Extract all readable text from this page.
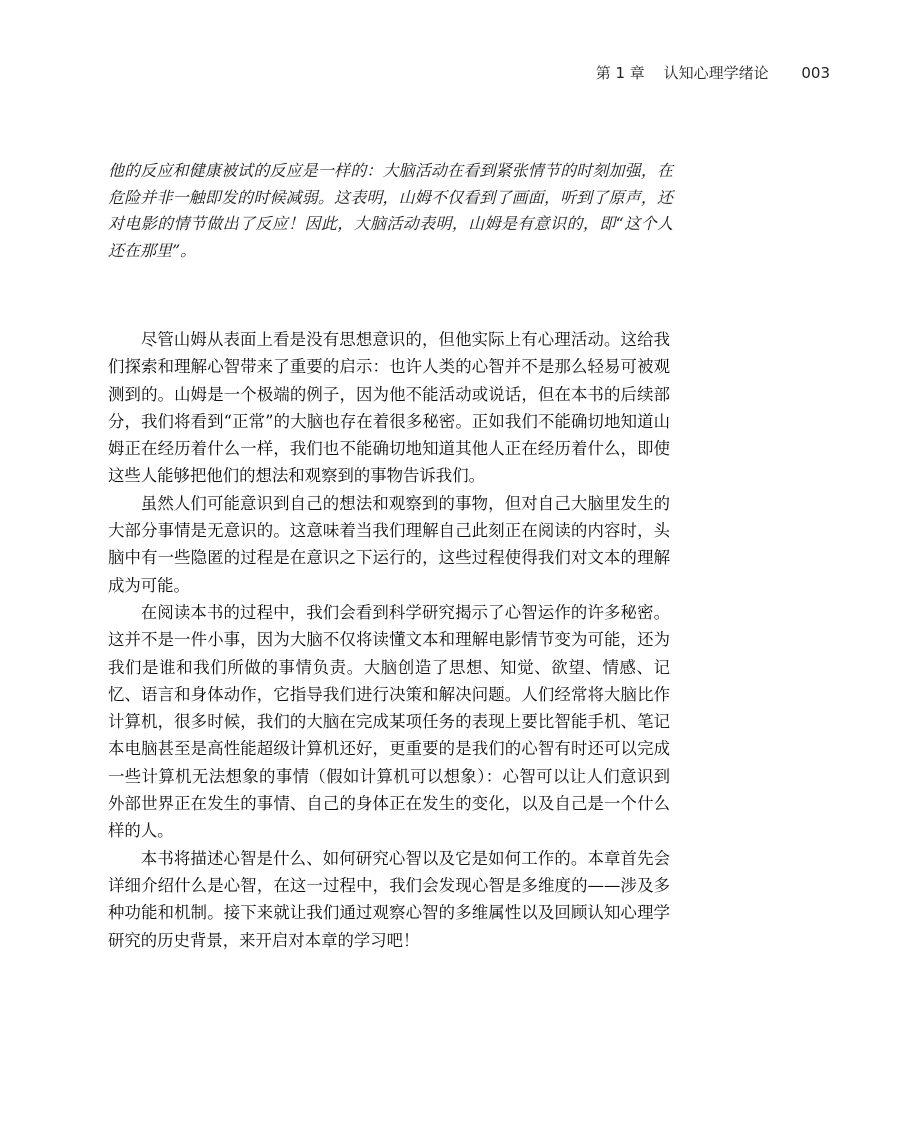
第 1 章 认知心理学绪论 003

他的反应和健康被试的反应是一样的：大脑活动在看到紧张情节的时刻加强，在危险并非一触即发的时候减弱。这表明，山姆不仅看到了画面，听到了原声，还对电影的情节做出了反应！因此，大脑活动表明，山姆是有意识的，即“这个人还在那里”。

尽管山姆从表面上看是没有思想意识的，但他实际上有心理活动。这给我们探索和理解心智带来了重要的启示：也许人类的心智并不是那么轻易可被观测到的。山姆是一个极端的例子，因为他不能活动或说话，但在本书的后续部分，我们将看到“正常”的大脑也存在着很多秘密。正如我们不能确切地知道山姆正在经历着什么一样，我们也不能确切地知道其他人正在经历着什么，即使这些人能够把他们的想法和观察到的事物告诉我们。

虽然人们可能意识到自己的想法和观察到的事物，但对自己大脑里发生的大部分事情是无意识的。这意味着当我们理解自己此刻正在阅读的内容时，头脑中有一些隐匿的过程是在意识之下运行的，这些过程使得我们对文本的理解成为可能。

在阅读本书的过程中，我们会看到科学研究揭示了心智运作的许多秘密。这并不是一件小事，因为大脑不仅将读懂文本和理解电影情节变为可能，还为我们是谁和我们所做的事情负责。大脑创造了思想、知觉、欲望、情感、记忆、语言和身体动作，它指导我们进行决策和解决问题。人们经常将大脑比作计算机，很多时候，我们的大脑在完成某项任务的表现上要比智能手机、笔记本电脑甚至是高性能超级计算机还好，更重要的是我们的心智有时还可以完成一些计算机无法想象的事情（假如计算机可以想象）：心智可以让人们意识到外部世界正在发生的事情、自己的身体正在发生的变化，以及自己是一个什么样的人。

本书将描述心智是什么、如何研究心智以及它是如何工作的。本章首先会详细介绍什么是心智，在这一过程中，我们会发现心智是多维度的——涉及多种功能和机制。接下来就让我们通过观察心智的多维属性以及回顾认知心理学研究的历史背景，来开启对本章的学习吧！
